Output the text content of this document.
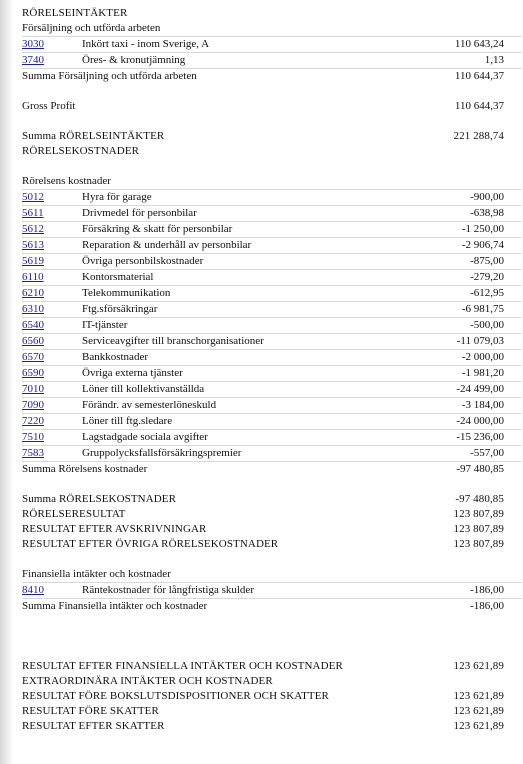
RÖRELSEINTÄKTER
Försäljning och utförda arbeten
3030	Inkört taxi - inom Sverige, A	110 643,24
3740	Öres- & kronutjämning	1,13
Summa Försäljning och utförda arbeten	110 644,37
Gross Profit	110 644,37
Summa RÖRELSEINTÄKTER	221 288,74
RÖRELSEKOSTNADER
Rörelsens kostnader
5012	Hyra för garage	-900,00
5611	Drivmedel för personbilar	-638,98
5612	Försäkring & skatt för personbilar	-1 250,00
5613	Reparation & underhåll av personbilar	-2 906,74
5619	Övriga personbilskostnader	-875,00
6110	Kontorsmaterial	-279,20
6210	Telekommunikation	-612,95
6310	Ftg.sförsäkringar	-6 981,75
6540	IT-tjänster	-500,00
6560	Serviceavgifter till branschorganisationer	-11 079,03
6570	Bankkostnader	-2 000,00
6590	Övriga externa tjänster	-1 981,20
7010	Löner till kollektivanställda	-24 499,00
7090	Förändr. av semesterlöneskuld	-3 184,00
7220	Löner till ftg.sledare	-24 000,00
7510	Lagstadgade sociala avgifter	-15 236,00
7583	Gruppolycksfallsförsäkringspremier	-557,00
Summa Rörelsens kostnader	-97 480,85
Summa RÖRELSEKOSTNADER	-97 480,85
RÖRELSERESULTAT	123 807,89
RESULTAT EFTER AVSKRIVNINGAR	123 807,89
RESULTAT EFTER ÖVRIGA RÖRELSEKOSTNADER	123 807,89
Finansiella intäkter och kostnader
8410	Räntekostnader för långfristiga skulder	-186,00
Summa Finansiella intäkter och kostnader	-186,00
RESULTAT EFTER FINANSIELLA INTÄKTER OCH KOSTNADER	123 621,89
EXTRAORDINÄRA INTÄKTER OCH KOSTNADER
RESULTAT FÖRE BOKSLUTSDISPOSITIONER OCH SKATTER	123 621,89
RESULTAT FÖRE SKATTER	123 621,89
RESULTAT EFTER SKATTER	123 621,89
